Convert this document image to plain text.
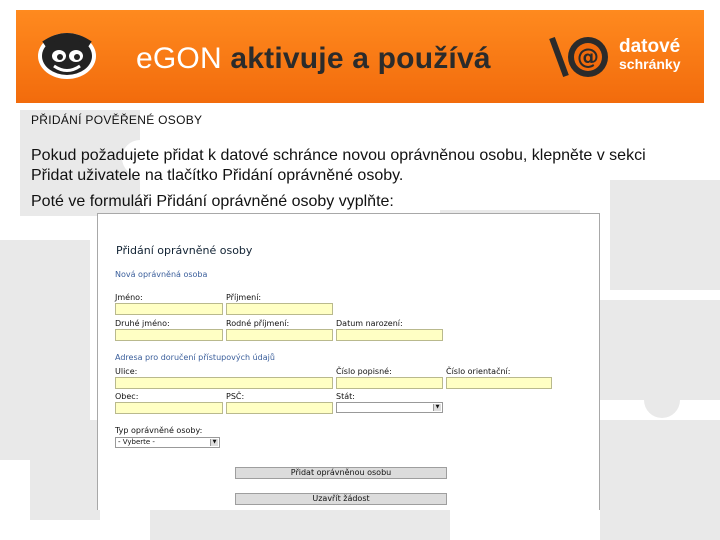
eGON aktivuje a používá	@ datové
schránky
PŘIDÁNÍ POVĚŘENÉ OSOBY
Pokud požadujete přidat k datové schránce novou oprávněnou osobu, klepněte v sekci Přidat uživatele na tlačítko Přidání oprávněné osoby.
Poté ve formuláři Přidání oprávněné osoby vyplňte:
Přidání oprávněné osoby
Nová oprávněná osoba
Jméno:	Příjmení:
Druhé jméno:	Rodné příjmení:	Datum narození:
Adresa pro doručení přístupových údajů
Ulice:	Číslo popisné:	Číslo orientační:
Obec:	PSČ:	Stát:
▼
Typ oprávněné osoby:
- Vyberte -	▼
Přidat oprávněnou osobu
Uzavřít žádost
